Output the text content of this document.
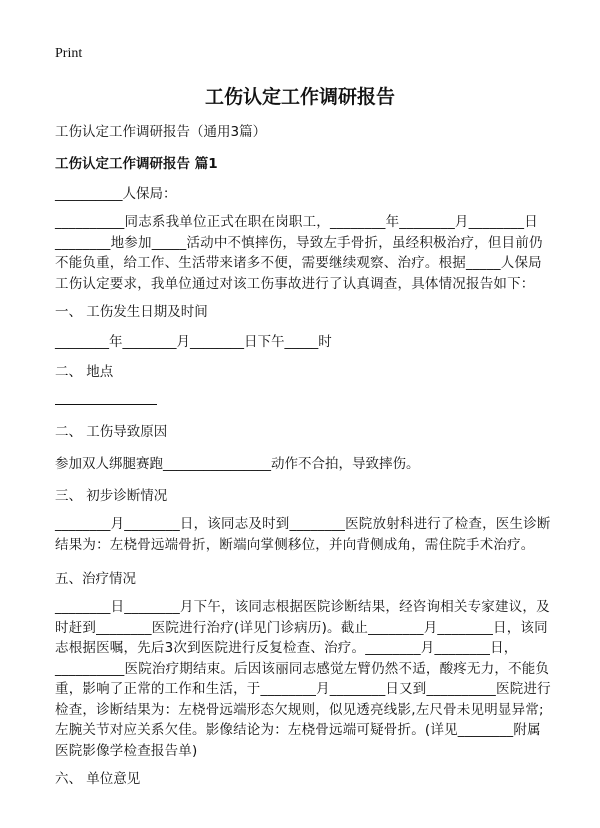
Print
工伤认定工作调研报告
工伤认定工作调研报告（通用3篇）
工伤认定工作调研报告 篇1
__________人保局：
__________同志系我单位正式在职在岗职工，________年________月________日
________地参加_____活动中不慎摔伤，导致左手骨折，虽经积极治疗，但目前仍
不能负重，给工作、生活带来诸多不便，需要继续观察、治疗。根据_____人保局
工伤认定要求，我单位通过对该工伤事故进行了认真调查，具体情况报告如下：
一、 工伤发生日期及时间
________年________月________日下午_____时
二、 地点
二、 工伤导致原因
参加双人绑腿赛跑________________动作不合拍，导致摔伤。
三、 初步诊断情况
________月________日，该同志及时到________医院放射科进行了检查，医生诊断
结果为：左桡骨远端骨折，断端向掌侧移位，并向背侧成角，需住院手术治疗。
五、治疗情况
________日________月下午，该同志根据医院诊断结果，经咨询相关专家建议，及
时赶到________医院进行治疗(详见门诊病历)。截止________月________日，该同
志根据医嘱，先后3次到医院进行反复检查、治疗。________月________日，
__________医院治疗期结束。后因该丽同志感觉左臂仍然不适，酸疼无力，不能负
重，影响了正常的工作和生活，于________月________日又到__________医院进行
检查，诊断结果为：左桡骨远端形态欠规则，似见透亮线影,左尺骨未见明显异常;
左腕关节对应关系欠佳。影像结论为：左桡骨远端可疑骨折。(详见________附属
医院影像学检查报告单)
六、 单位意见
